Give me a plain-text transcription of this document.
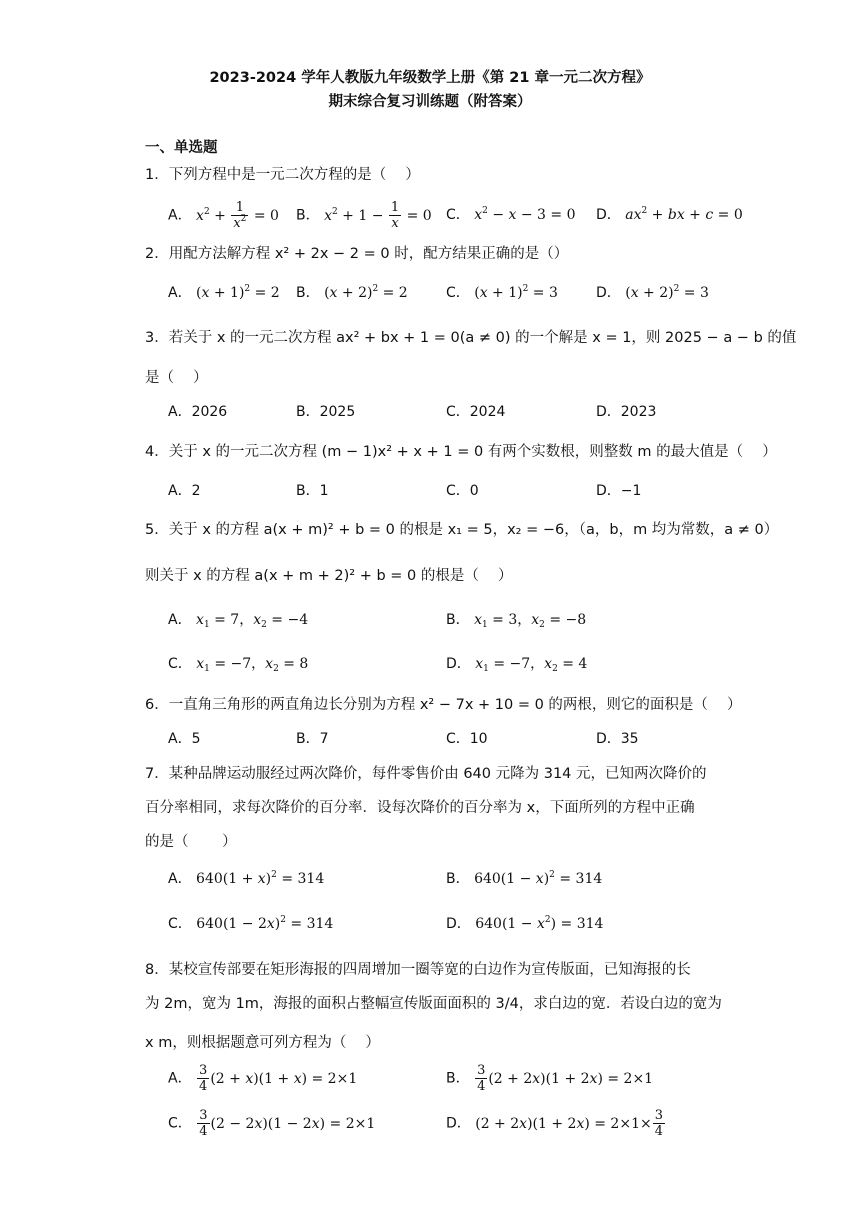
2023-2024 学年人教版九年级数学上册《第 21 章一元二次方程》
期末综合复习训练题（附答案）
一、单选题
1．下列方程中是一元二次方程的是（　 ）
A． $x^2 + \frac{1}{x^2} = 0$ B． $x^2 + 1 - \frac{1}{x} = 0$ C． $x^2 - x - 3 = 0$ D． $ax^2$ + bx + c = 0
2．用配方法解方程 x² + 2x − 2 = 0 时，配方结果正确的是（）
A． $(x + 1)^2 = 2$ B． $(x + 2)^2 = 2$	C． $(x + 1)^2 = 3$	D． $(x + 2)^2 = 3$
3．若关于 x 的一元二次方程 ax² + bx + 1 = 0(a ≠ 0) 的一个解是 x = 1，则 2025 − a − b 的值
是（　 ）
A．2026	B．2025	C．2024	D．2023
4．关于 x 的一元二次方程 (m − 1)x² + x + 1 = 0 有两个实数根，则整数 m 的最大值是（　 ）
A．2	B．1	C．0	D．−1
5．关于 x 的方程 a(x + m)² + b = 0 的根是 x₁ = 5，x₂ = −6，（a，b，m 均为常数，a ≠ 0）
则关于 x 的方程 a(x + m + 2)² + b = 0 的根是（　 ）
A． $x_1 = 7$，$x_2 = -4$	B． $x_1 = 3$，$x_2 = -8$
C． $x_1 = -7$，$x_2 = 8$	D． $x_1 = -7$，$x_2 = 4$
6．一直角三角形的两直角边长分别为方程 x² − 7x + 10 = 0 的两根，则它的面积是（　 ）
A．5	B．7	C．10	D．35
7．某种品牌运动服经过两次降价，每件零售价由 640 元降为 314 元，已知两次降价的
百分率相同，求每次降价的百分率．设每次降价的百分率为 x，下面所列的方程中正确
的是（　　 ）
A． $640(1 + x)^2 = 314$	B． $640(1 - x)^2 = 314$
C． $640(1 - 2x)^2 = 314$	D． $640(1 - x^2) = 314$
8．某校宣传部要在矩形海报的四周增加一圈等宽的白边作为宣传版面，已知海报的长
为 2m，宽为 1m，海报的面积占整幅宣传版面面积的 3/4，求白边的宽．若设白边的宽为
x m，则根据题意可列方程为（　 ）
A． $\frac{3}{4} (2 + x)(1 + x) = 2\times 1$	B． $\frac{3}{4} (2 + 2x)(1 + 2x) = 2\times 1$
C． $\frac{3}{4} (2 - 2x)(1 - 2x) = 2\times 1$	D． $(2 + 2x)(1 + 2x) = 2\times 1\times \frac{3}{4}$
